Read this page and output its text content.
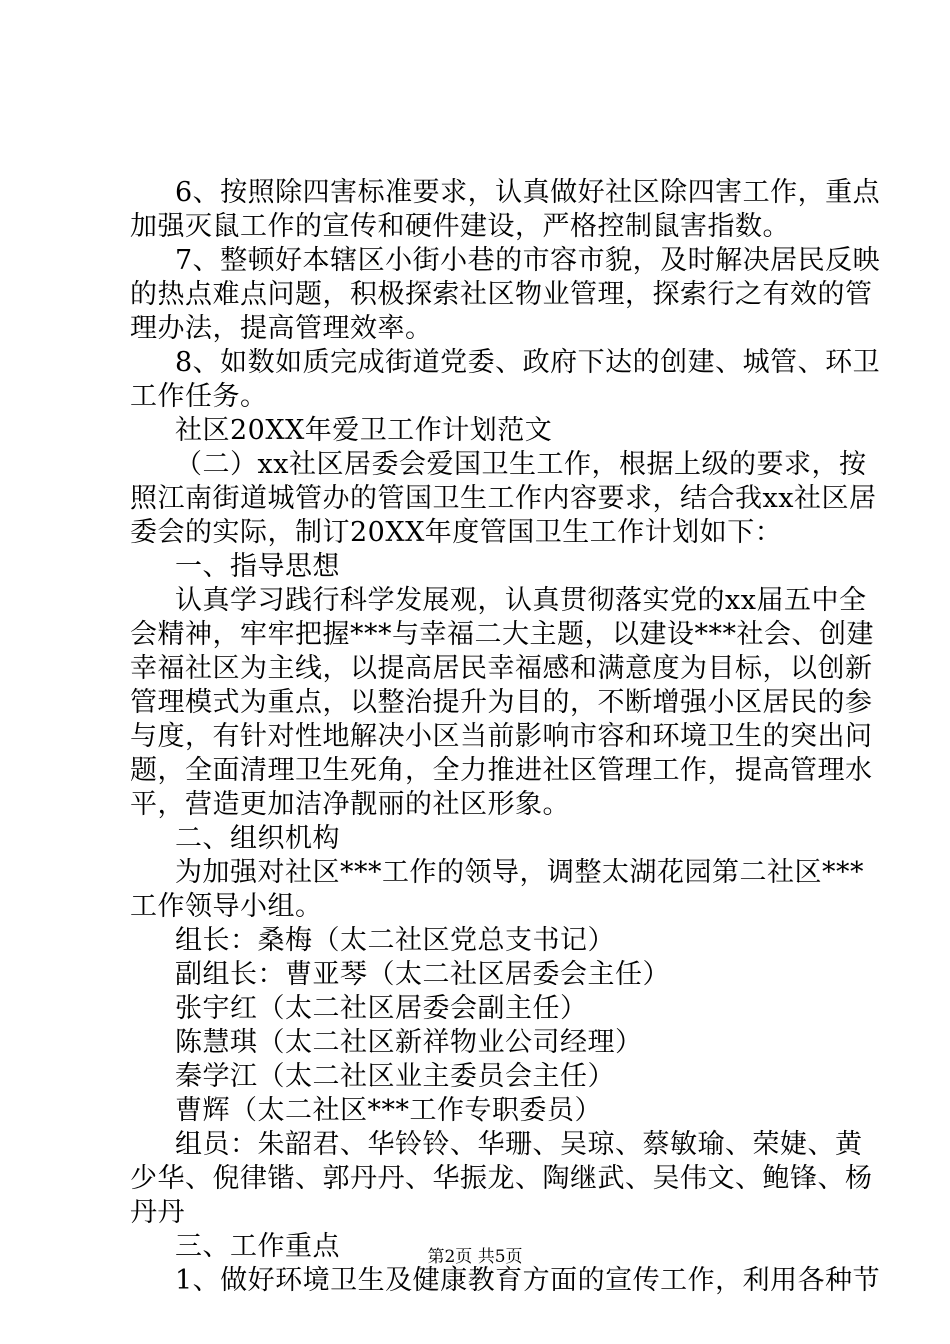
6、按照除四害标准要求，认真做好社区除四害工作，重点
加强灭鼠工作的宣传和硬件建设，严格控制鼠害指数。
7、整顿好本辖区小街小巷的市容市貌，及时解决居民反映
的热点难点问题，积极探索社区物业管理，探索行之有效的管
理办法，提高管理效率。
8、如数如质完成街道党委、政府下达的创建、城管、环卫
工作任务。
社区20XX年爱卫工作计划范文
（二）xx社区居委会爱国卫生工作，根据上级的要求，按
照江南街道城管办的管国卫生工作内容要求，结合我xx社区居
委会的实际，制订20XX年度管国卫生工作计划如下：
一、指导思想
认真学习践行科学发展观，认真贯彻落实党的xx届五中全
会精神，牢牢把握***与幸福二大主题，以建设***社会、创建
幸福社区为主线，以提高居民幸福感和满意度为目标，以创新
管理模式为重点，以整治提升为目的，不断增强小区居民的参
与度，有针对性地解决小区当前影响市容和环境卫生的突出问
题，全面清理卫生死角，全力推进社区管理工作，提高管理水
平，营造更加洁净靓丽的社区形象。
二、组织机构
为加强对社区***工作的领导，调整太湖花园第二社区***
工作领导小组。
组长：桑梅（太二社区党总支书记）
副组长：曹亚琴（太二社区居委会主任）
张宇红（太二社区居委会副主任）
陈慧琪（太二社区新祥物业公司经理）
秦学江（太二社区业主委员会主任）
曹辉（太二社区***工作专职委员）
组员：朱韶君、华铃铃、华珊、吴琼、蔡敏瑜、荣婕、黄
少华、倪律锴、郭丹丹、华振龙、陶继武、吴伟文、鲍锋、杨
丹丹
三、工作重点
1、做好环境卫生及健康教育方面的宣传工作，利用各种节
第2页 共5页
